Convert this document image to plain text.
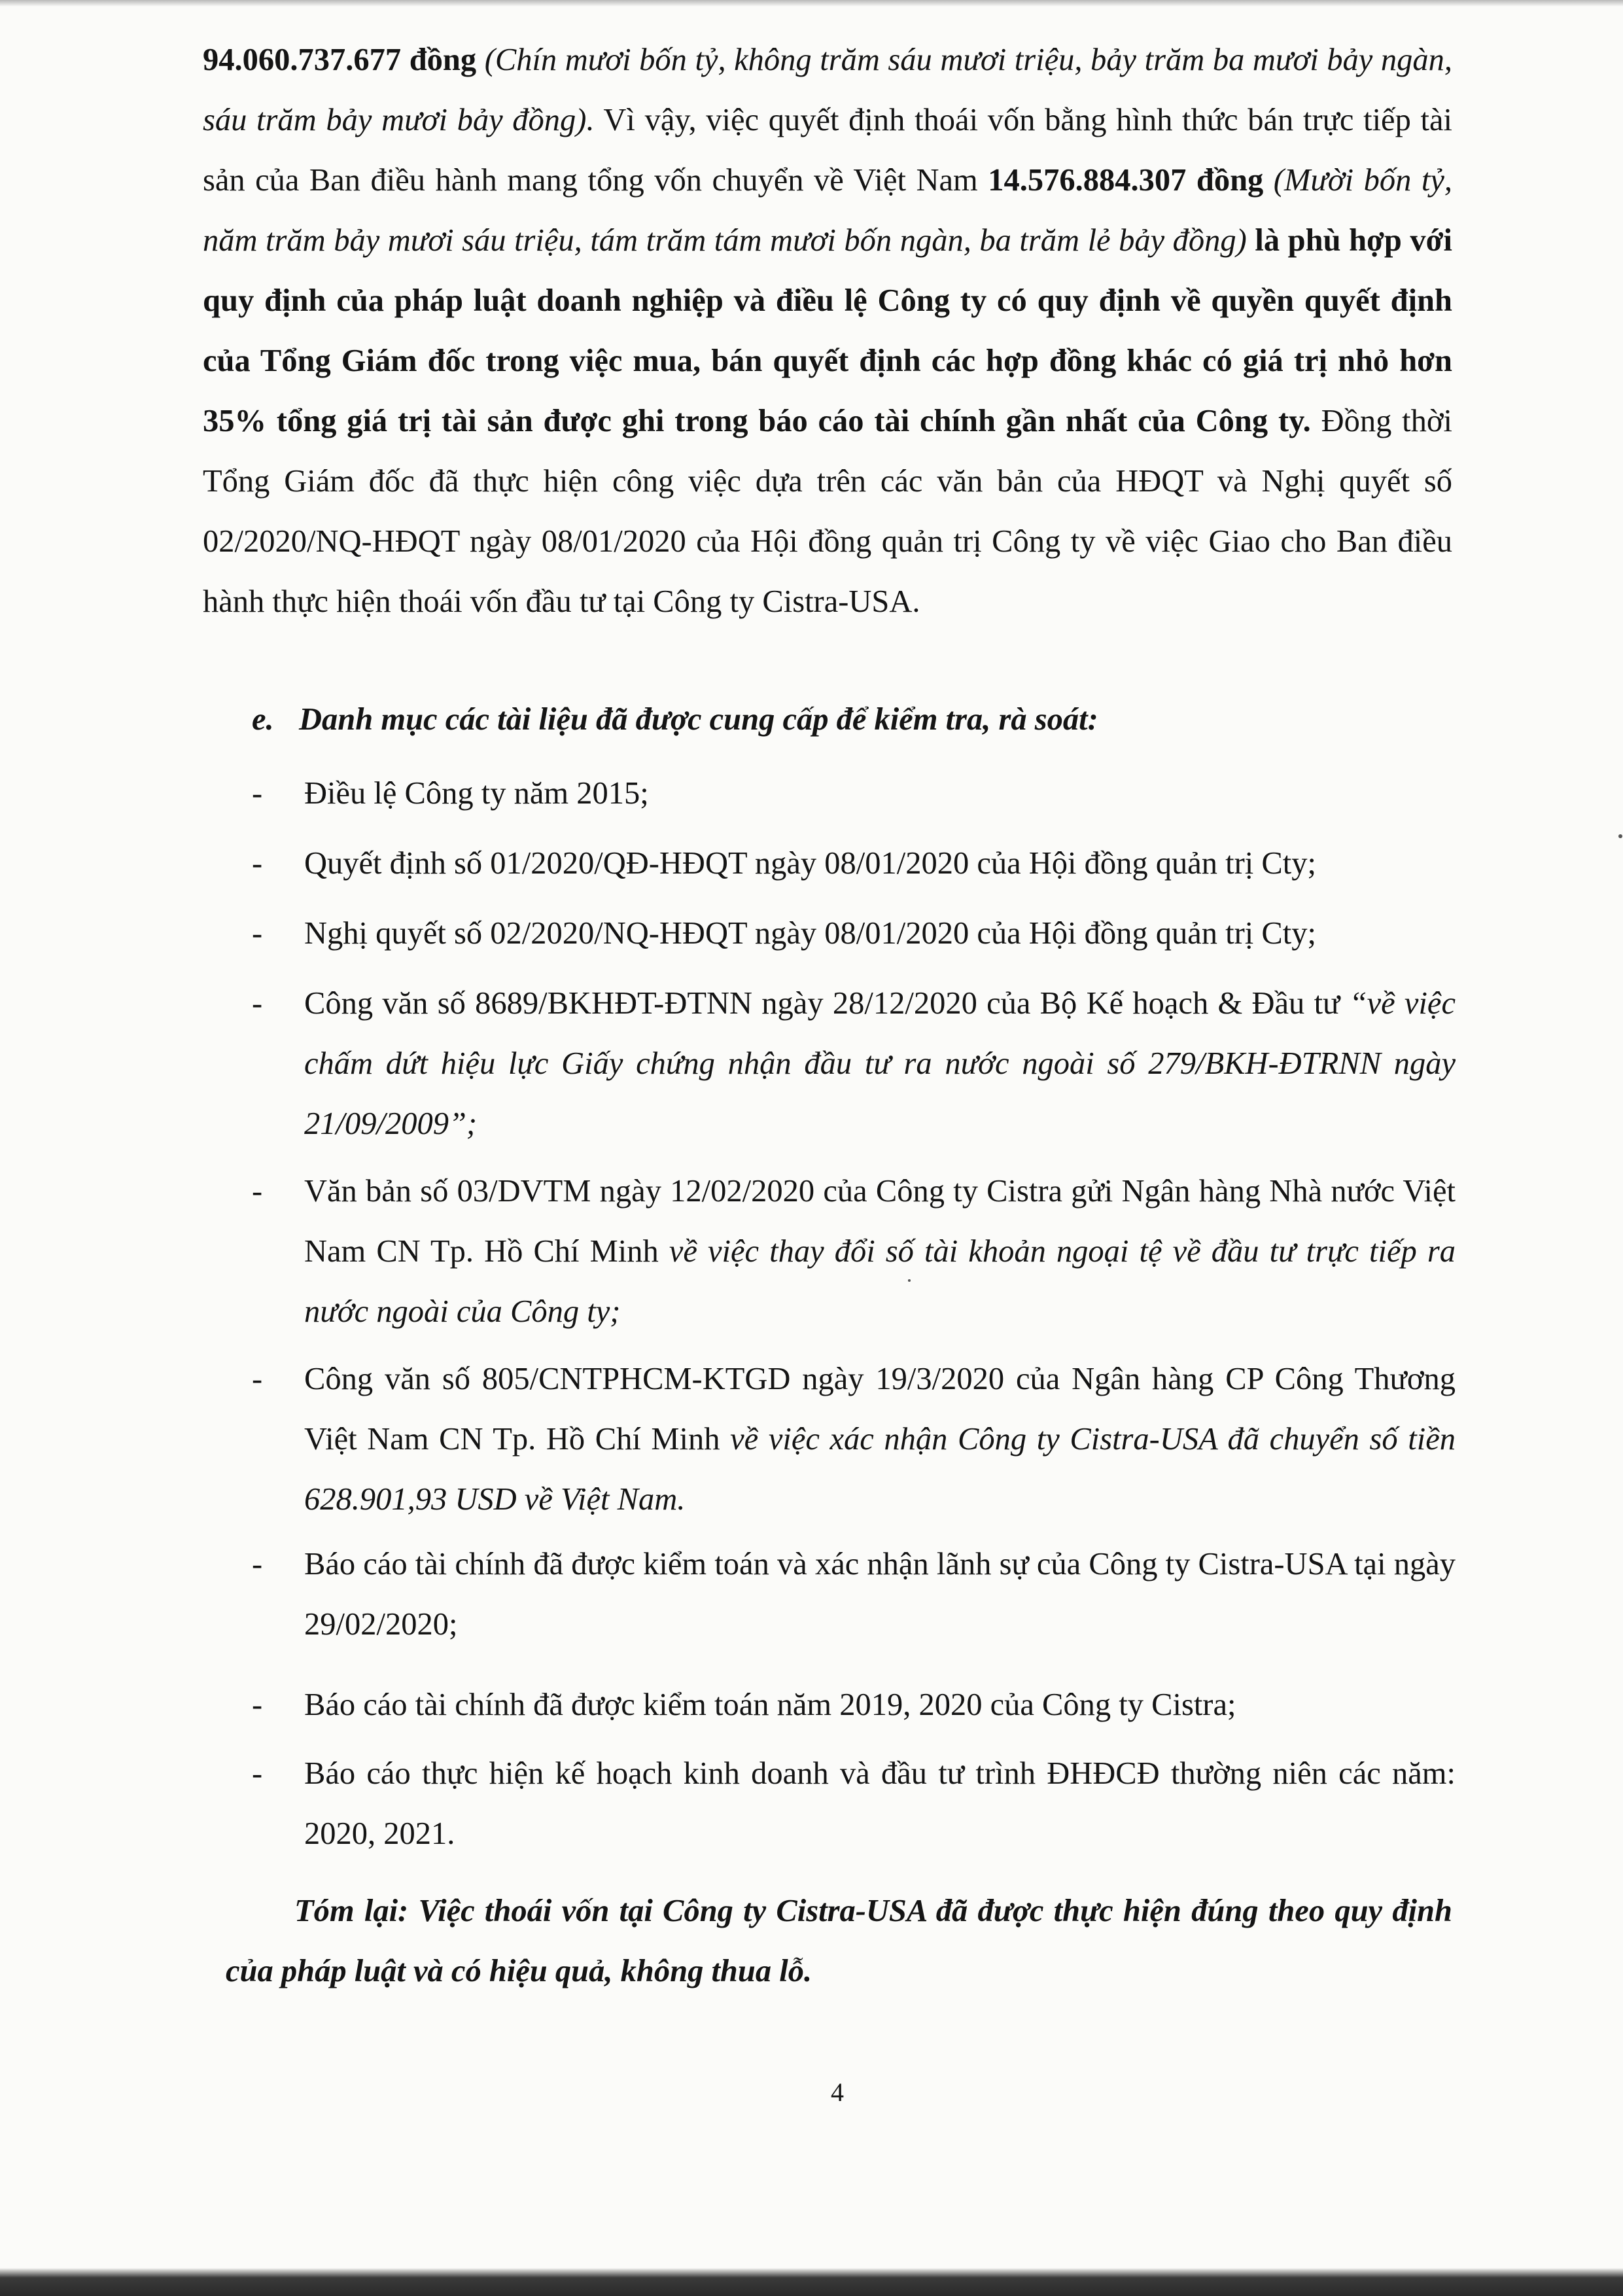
94.060.737.677 đồng (Chín mươi bốn tỷ, không trăm sáu mươi triệu, bảy trăm ba mươi bảy ngàn, sáu trăm bảy mươi bảy đồng). Vì vậy, việc quyết định thoái vốn bằng hình thức bán trực tiếp tài sản của Ban điều hành mang tổng vốn chuyển về Việt Nam 14.576.884.307 đồng (Mười bốn tỷ, năm trăm bảy mươi sáu triệu, tám trăm tám mươi bốn ngàn, ba trăm lẻ bảy đồng) là phù hợp với quy định của pháp luật doanh nghiệp và điều lệ Công ty có quy định về quyền quyết định của Tổng Giám đốc trong việc mua, bán quyết định các hợp đồng khác có giá trị nhỏ hơn 35% tổng giá trị tài sản được ghi trong báo cáo tài chính gần nhất của Công ty. Đồng thời Tổng Giám đốc đã thực hiện công việc dựa trên các văn bản của HĐQT và Nghị quyết số 02/2020/NQ-HĐQT ngày 08/01/2020 của Hội đồng quản trị Công ty về việc Giao cho Ban điều hành thực hiện thoái vốn đầu tư tại Công ty Cistra-USA.

e. Danh mục các tài liệu đã được cung cấp để kiểm tra, rà soát:

- Điều lệ Công ty năm 2015;
- Quyết định số 01/2020/QĐ-HĐQT ngày 08/01/2020 của Hội đồng quản trị Cty;
- Nghị quyết số 02/2020/NQ-HĐQT ngày 08/01/2020 của Hội đồng quản trị Cty;
- Công văn số 8689/BKHĐT-ĐTNN ngày 28/12/2020 của Bộ Kế hoạch & Đầu tư “về việc chấm dứt hiệu lực Giấy chứng nhận đầu tư ra nước ngoài số 279/BKH-ĐTRNN ngày 21/09/2009”;
- Văn bản số 03/DVTM ngày 12/02/2020 của Công ty Cistra gửi Ngân hàng Nhà nước Việt Nam CN Tp. Hồ Chí Minh về việc thay đổi số tài khoản ngoại tệ về đầu tư trực tiếp ra nước ngoài của Công ty;
- Công văn số 805/CNTPHCM-KTGD ngày 19/3/2020 của Ngân hàng CP Công Thương Việt Nam CN Tp. Hồ Chí Minh về việc xác nhận Công ty Cistra-USA đã chuyển số tiền 628.901,93 USD về Việt Nam.
- Báo cáo tài chính đã được kiểm toán và xác nhận lãnh sự của Công ty Cistra-USA tại ngày 29/02/2020;
- Báo cáo tài chính đã được kiểm toán năm 2019, 2020 của Công ty Cistra;
- Báo cáo thực hiện kế hoạch kinh doanh và đầu tư trình ĐHĐCĐ thường niên các năm: 2020, 2021.

Tóm lại: Việc thoái vốn tại Công ty Cistra-USA đã được thực hiện đúng theo quy định của pháp luật và có hiệu quả, không thua lỗ.

4
